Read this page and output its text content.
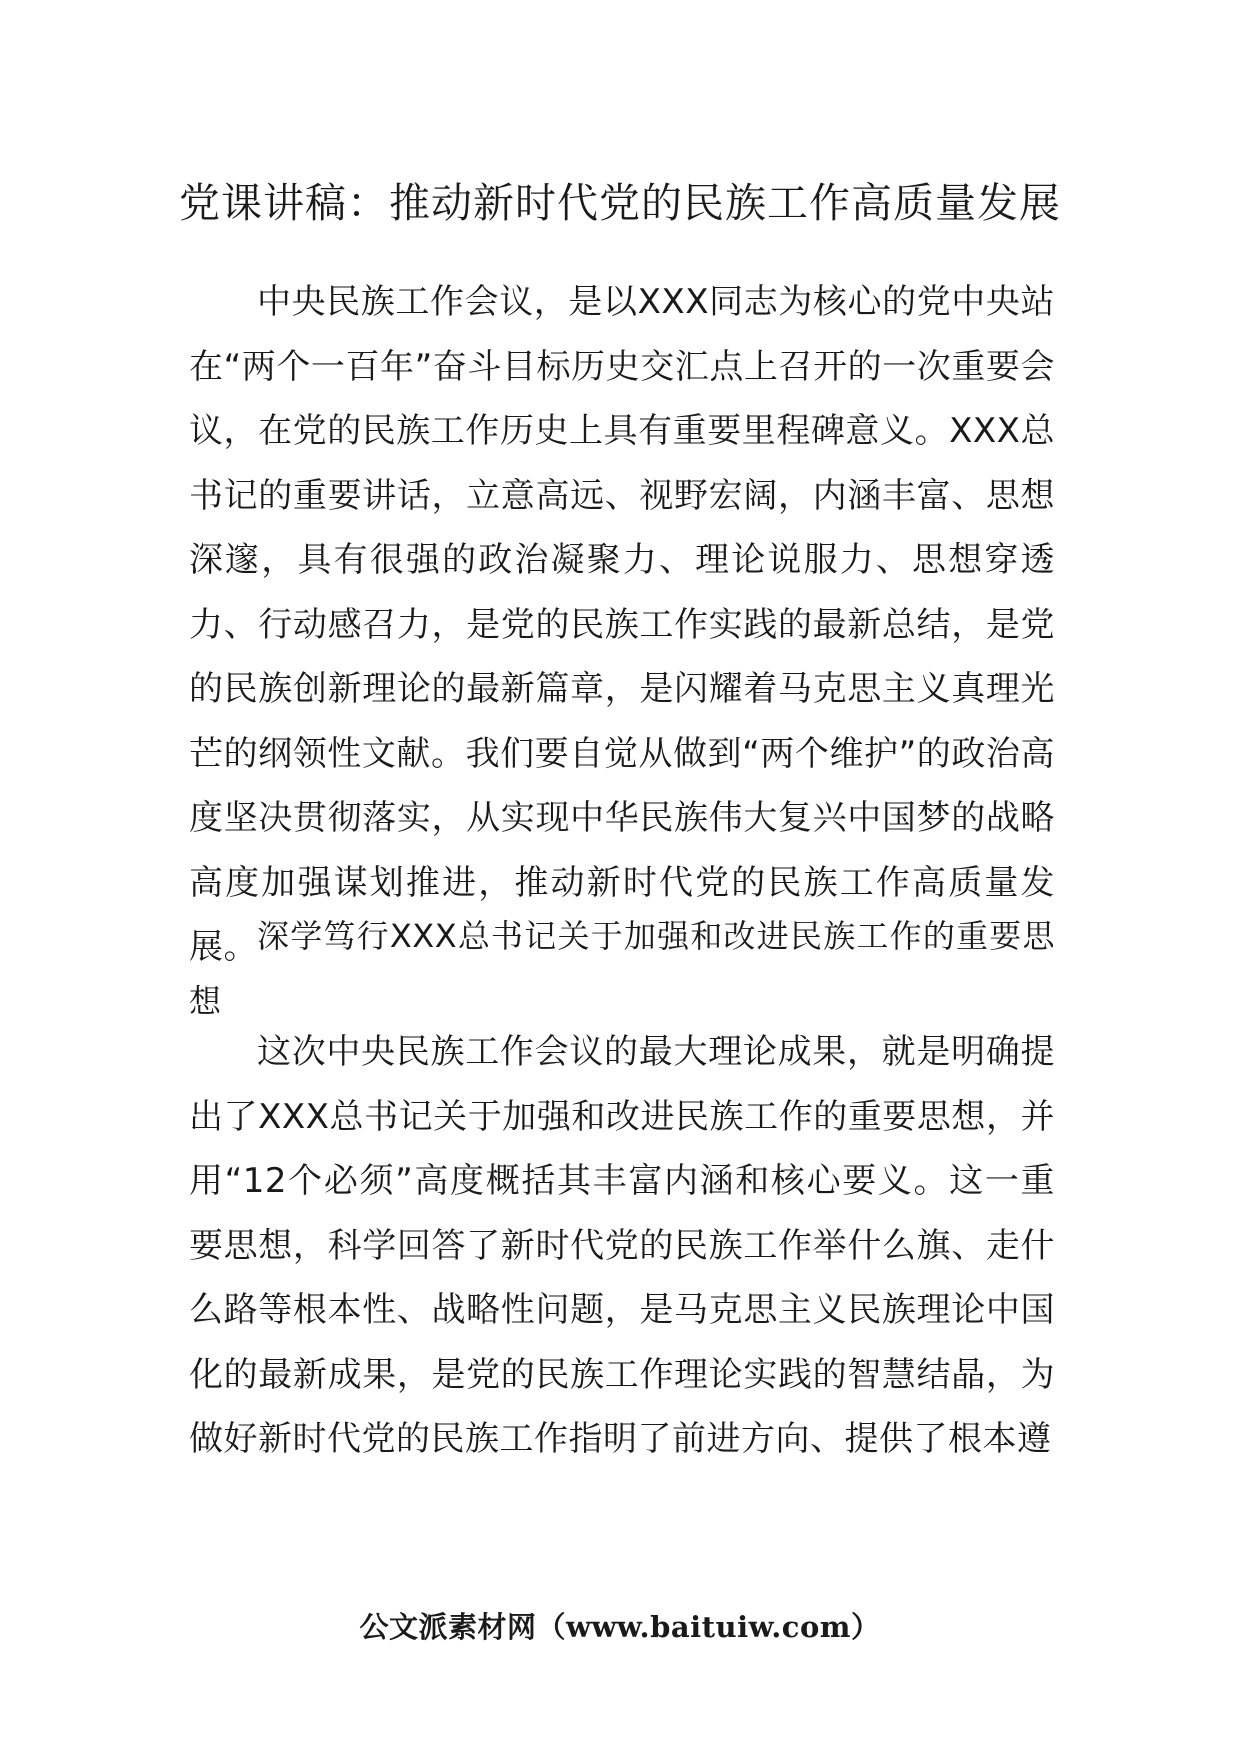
党课讲稿：推动新时代党的民族工作高质量发展

中央民族工作会议，是以XXX同志为核心的党中央站在“两个一百年”奋斗目标历史交汇点上召开的一次重要会议，在党的民族工作历史上具有重要里程碑意义。XXX总书记的重要讲话，立意高远、视野宏阔，内涵丰富、思想深邃，具有很强的政治凝聚力、理论说服力、思想穿透力、行动感召力，是党的民族工作实践的最新总结，是党的民族创新理论的最新篇章，是闪耀着马克思主义真理光芒的纲领性文献。我们要自觉从做到“两个维护”的政治高度坚决贯彻落实，从实现中华民族伟大复兴中国梦的战略高度加强谋划推进，推动新时代党的民族工作高质量发展。 深学笃行XXX总书记关于加强和改进民族工作的重要思想

这次中央民族工作会议的最大理论成果，就是明确提出了XXX总书记关于加强和改进民族工作的重要思想，并用“12个必须”高度概括其丰富内涵和核心要义。这一重要思想，科学回答了新时代党的民族工作举什么旗、走什么路等根本性、战略性问题，是马克思主义民族理论中国化的最新成果，是党的民族工作理论实践的智慧结晶，为做好新时代党的民族工作指明了前进方向、提供了根本遵

公文派素材网（www.baituiw.com）
